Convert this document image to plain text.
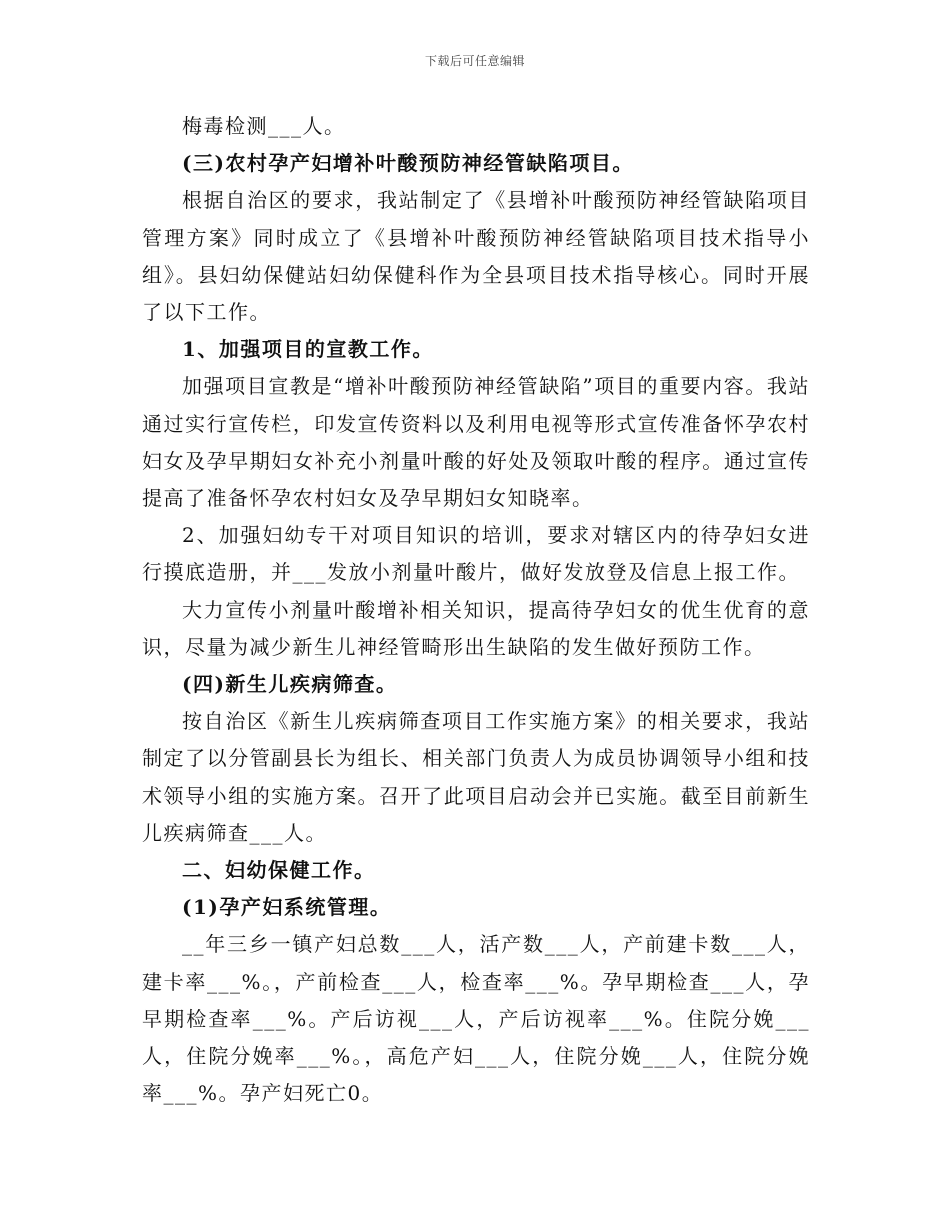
下载后可任意编辑

梅毒检测___人。

(三)农村孕产妇增补叶酸预防神经管缺陷项目。

根据自治区的要求，我站制定了《县增补叶酸预防神经管缺陷项目管理方案》同时成立了《县增补叶酸预防神经管缺陷项目技术指导小组》。县妇幼保健站妇幼保健科作为全县项目技术指导核心。同时开展了以下工作。

1、加强项目的宣教工作。

加强项目宣教是“增补叶酸预防神经管缺陷”项目的重要内容。我站通过实行宣传栏，印发宣传资料以及利用电视等形式宣传准备怀孕农村妇女及孕早期妇女补充小剂量叶酸的好处及领取叶酸的程序。通过宣传提高了准备怀孕农村妇女及孕早期妇女知晓率。

2、加强妇幼专干对项目知识的培训，要求对辖区内的待孕妇女进行摸底造册，并___发放小剂量叶酸片，做好发放登及信息上报工作。

大力宣传小剂量叶酸增补相关知识，提高待孕妇女的优生优育的意识，尽量为减少新生儿神经管畸形出生缺陷的发生做好预防工作。

(四)新生儿疾病筛查。

按自治区《新生儿疾病筛查项目工作实施方案》的相关要求，我站制定了以分管副县长为组长、相关部门负责人为成员协调领导小组和技术领导小组的实施方案。召开了此项目启动会并已实施。截至目前新生儿疾病筛查___人。

二、妇幼保健工作。
(1)孕产妇系统管理。

__年三乡一镇产妇总数___人，活产数___人，产前建卡数___人，建卡率___%。，产前检查___人，检查率___%。孕早期检查___人，孕早期检查率___%。产后访视___人，产后访视率___%。住院分娩___人，住院分娩率___%。，高危产妇___人，住院分娩___人，住院分娩率___%。孕产妇死亡0。
